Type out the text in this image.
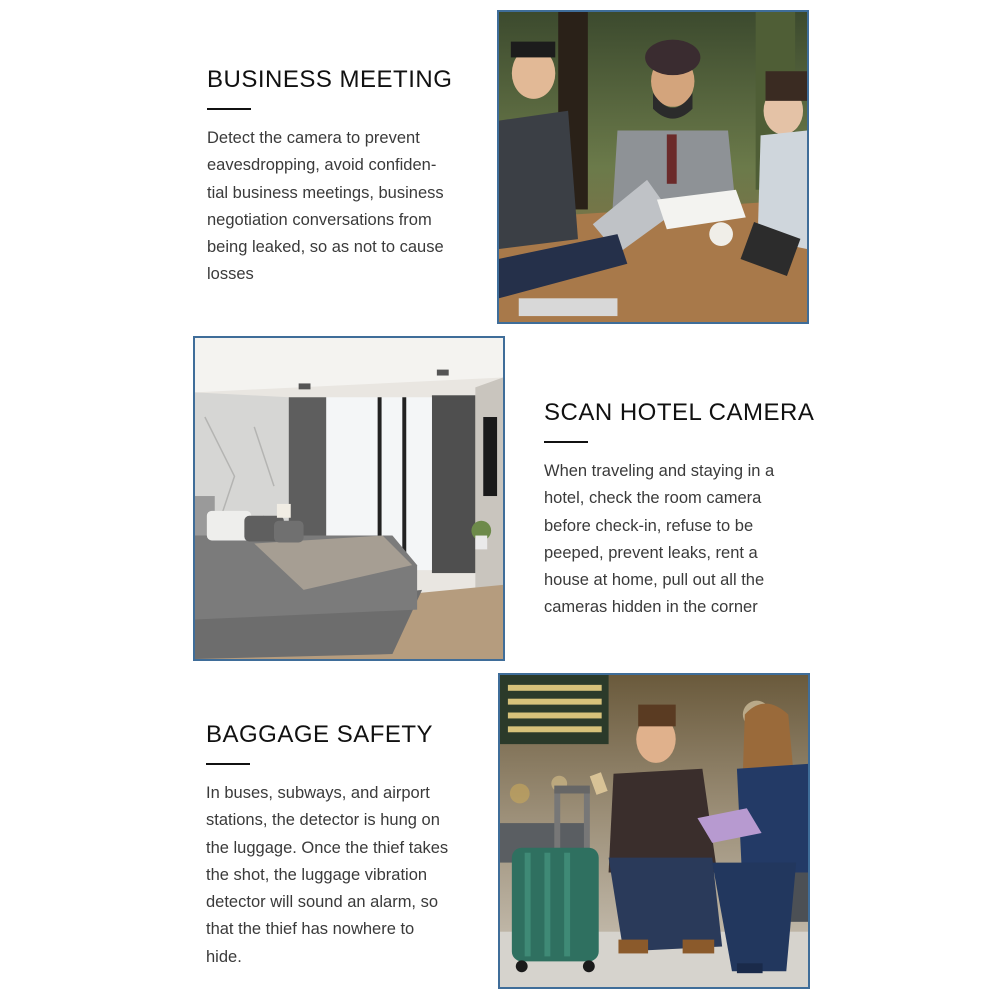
BUSINESS MEETING

Detect the camera to prevent
eavesdropping, avoid confiden-
tial business meetings, business
negotiation conversations from
being leaked, so as not to cause
losses

SCAN HOTEL CAMERA

When traveling and staying in a
hotel, check the room camera
before check-in, refuse to be
peeped, prevent leaks, rent a
house at home, pull out all the
cameras hidden in the corner

BAGGAGE SAFETY

In buses, subways, and airport
stations, the detector is hung on
the luggage. Once the thief takes
the shot, the luggage vibration
detector will sound an alarm, so
that the thief has nowhere to
hide.
